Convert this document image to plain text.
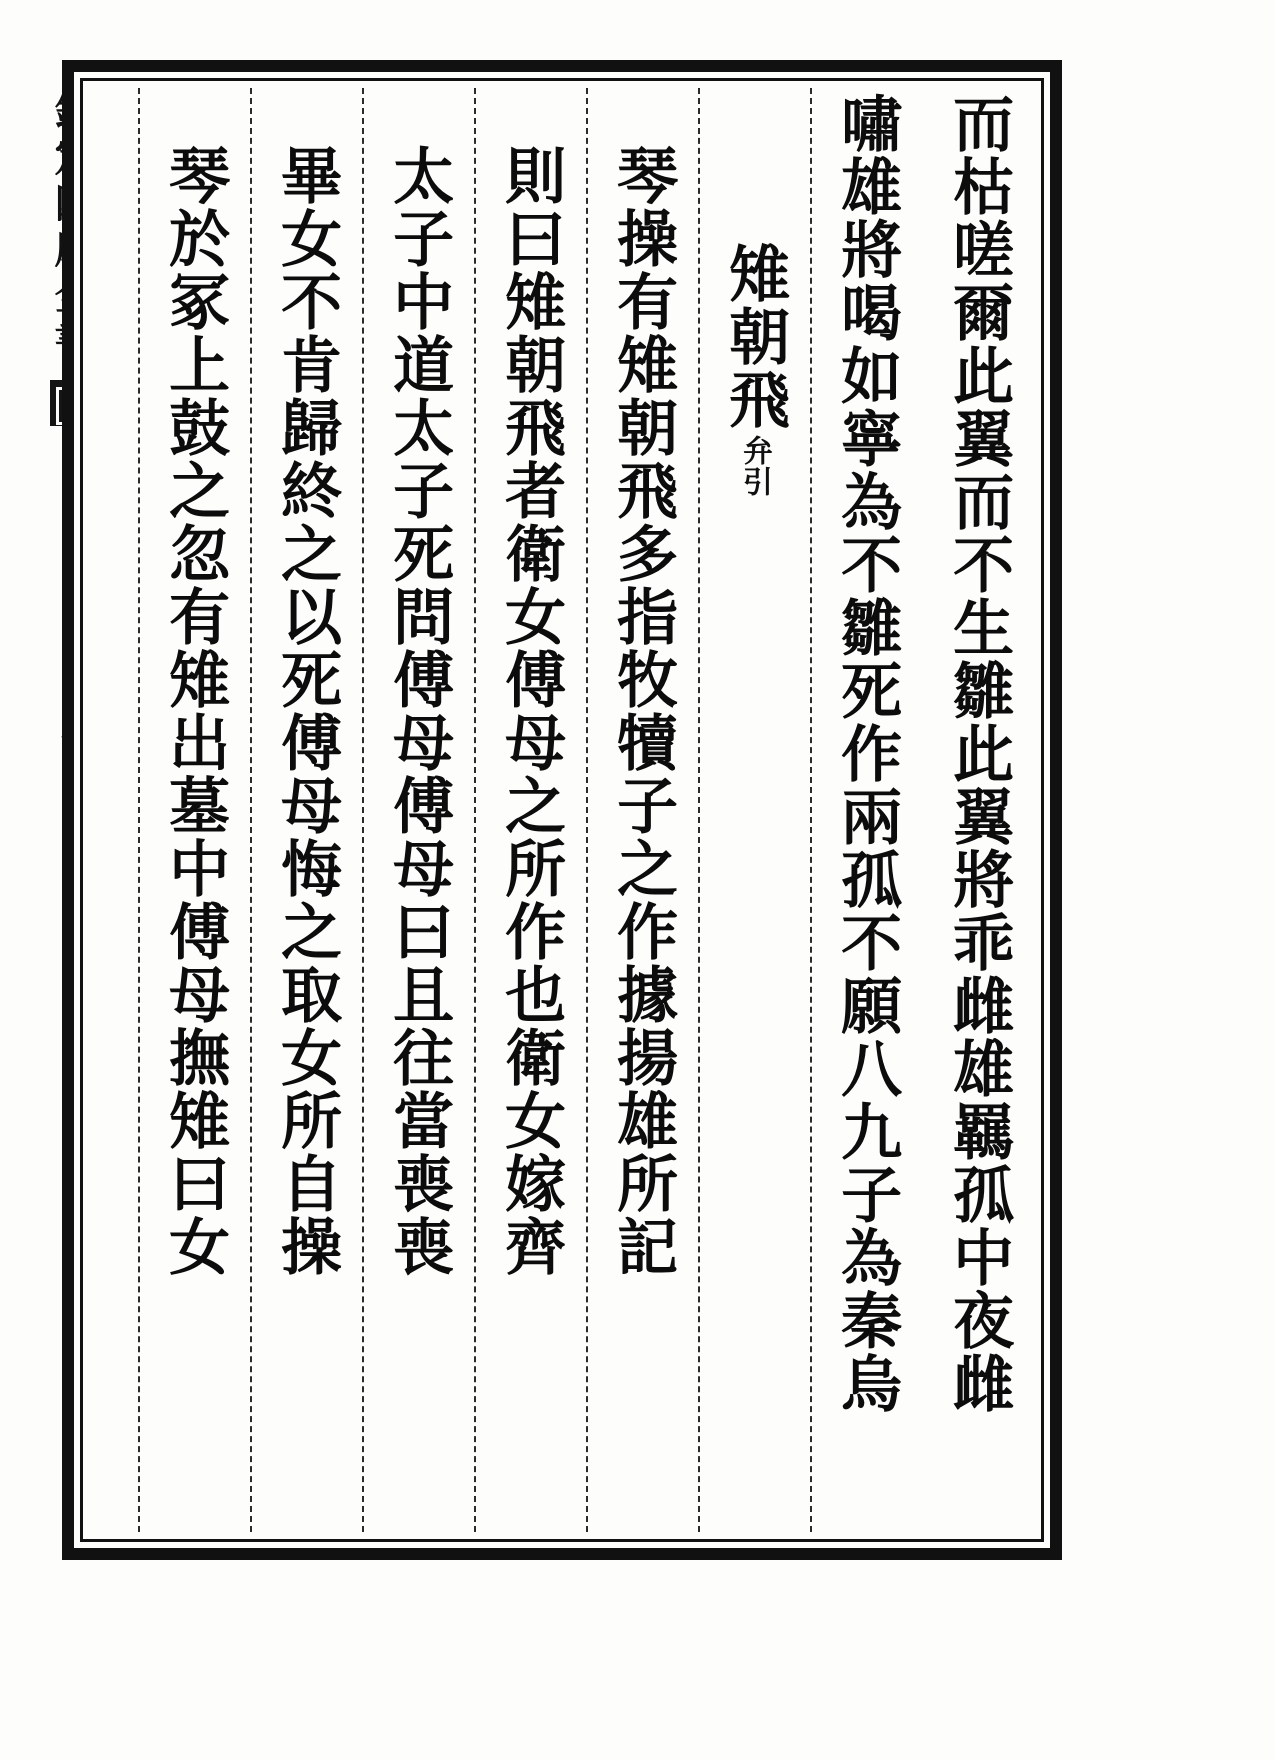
而枯嗟爾此翼而不生雛此翼將乖雌雄羈孤中夜雌
嘯雄將喝如寧為不雛死作兩孤不願八九子為秦烏
雉朝飛
弁引
琴操有雉朝飛多指牧犢子之作據揚雄所記
則曰雉朝飛者衛女傅母之所作也衛女嫁齊
太子中道太子死問傅母傅母曰且往當喪喪
畢女不肯歸終之以死傅母悔之取女所自操
琴於冢上鼓之忽有雉出墓中傅母撫雉曰女
